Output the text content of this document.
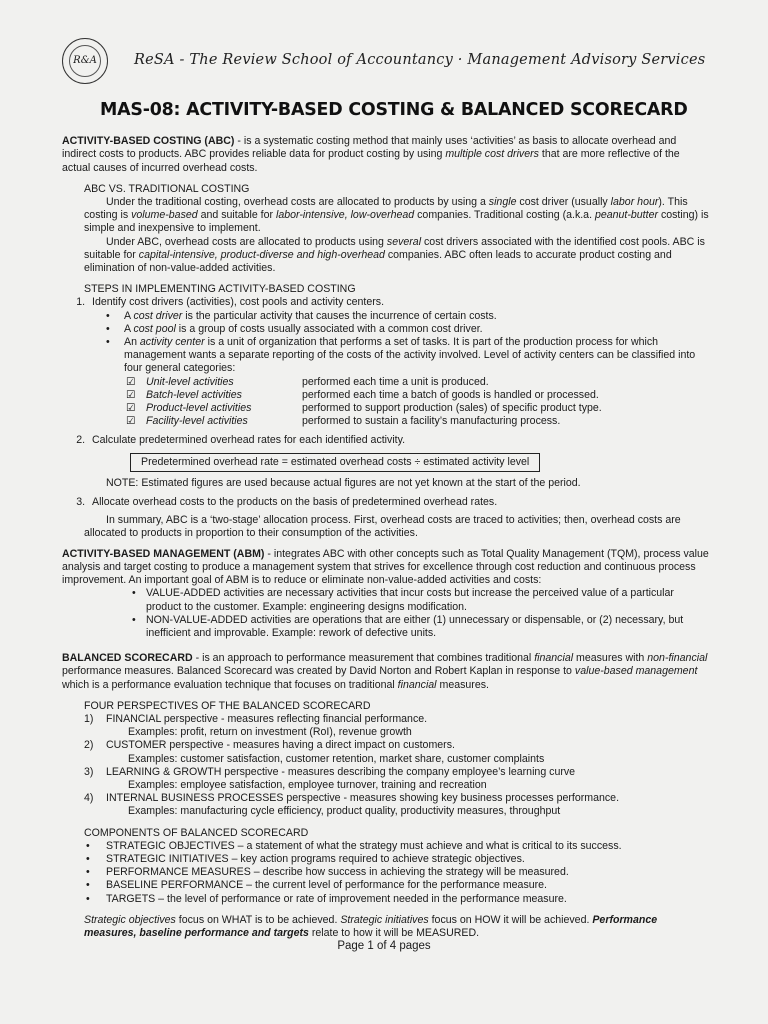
R&A	ReSA - The Review School of Accountancy · Management Advisory Services
MAS-08: ACTIVITY-BASED COSTING & BALANCED SCORECARD

ACTIVITY-BASED COSTING (ABC) - is a systematic costing method that mainly uses ‘activities’ as basis to allocate overhead and indirect costs to products. ABC provides reliable data for product costing by using multiple cost drivers that are more reflective of the actual causes of incurred overhead costs.

ABC VS. TRADITIONAL COSTING

Under the traditional costing, overhead costs are allocated to products by using a single cost driver (usually labor hour). This costing is volume-based and suitable for labor-intensive, low-overhead companies. Traditional costing (a.k.a. peanut-butter costing) is simple and inexpensive to implement.

Under ABC, overhead costs are allocated to products using several cost drivers associated with the identified cost pools. ABC is suitable for capital-intensive, product-diverse and high-overhead companies. ABC often leads to accurate product costing and elimination of non-value-added activities.

STEPS IN IMPLEMENTING ACTIVITY-BASED COSTING

1. Identify cost drivers (activities), cost pools and activity centers.
• A cost driver is the particular activity that causes the incurrence of certain costs.
• A cost pool is a group of costs usually associated with a common cost driver.
• An activity center is a unit of organization that performs a set of tasks. It is part of the production process for which management wants a separate reporting of the costs of the activity involved. Level of activity centers can be classified into four general categories:
☑ Unit-level activities	performed each time a unit is produced.
☑ Batch-level activities	performed each time a batch of goods is handled or processed.
☑ Product-level activities	performed to support production (sales) of specific product type.
☑ Facility-level activities	performed to sustain a facility’s manufacturing process.
2. Calculate predetermined overhead rates for each identified activity.
Predetermined overhead rate = estimated overhead costs ÷ estimated activity level

NOTE: Estimated figures are used because actual figures are not yet known at the start of the period.

3. Allocate overhead costs to the products on the basis of predetermined overhead rates.

In summary, ABC is a ‘two-stage’ allocation process. First, overhead costs are traced to activities; then, overhead costs are allocated to products in proportion to their consumption of the activities.

ACTIVITY-BASED MANAGEMENT (ABM) - integrates ABC with other concepts such as Total Quality Management (TQM), process value analysis and target costing to produce a management system that strives for excellence through cost reduction and continuous process improvement. An important goal of ABM is to reduce or eliminate non-value-added activities and costs:

• VALUE-ADDED activities are necessary activities that incur costs but increase the perceived value of a particular product to the customer. Example: engineering designs modification.
• NON-VALUE-ADDED activities are operations that are either (1) unnecessary or dispensable, or (2) necessary, but inefficient and improvable. Example: rework of defective units.

BALANCED SCORECARD - is an approach to performance measurement that combines traditional financial measures with non-financial performance measures. Balanced Scorecard was created by David Norton and Robert Kaplan in response to value-based management which is a performance evaluation technique that focuses on traditional financial measures.

FOUR PERSPECTIVES OF THE BALANCED SCORECARD

1)	FINANCIAL perspective - measures reflecting financial performance.
Examples: profit, return on investment (RoI), revenue growth
2)	CUSTOMER perspective - measures having a direct impact on customers.
Examples: customer satisfaction, customer retention, market share, customer complaints
3)	LEARNING & GROWTH perspective - measures describing the company employee’s learning curve
Examples: employee satisfaction, employee turnover, training and recreation
4)	INTERNAL BUSINESS PROCESSES perspective - measures showing key business processes performance.
Examples: manufacturing cycle efficiency, product quality, productivity measures, throughput

COMPONENTS OF BALANCED SCORECARD

• STRATEGIC OBJECTIVES – a statement of what the strategy must achieve and what is critical to its success.
• STRATEGIC INITIATIVES – key action programs required to achieve strategic objectives.
• PERFORMANCE MEASURES – describe how success in achieving the strategy will be measured.
• BASELINE PERFORMANCE – the current level of performance for the performance measure.
• TARGETS – the level of performance or rate of improvement needed in the performance measure.

Strategic objectives focus on WHAT is to be achieved. Strategic initiatives focus on HOW it will be achieved. Performance measures, baseline performance and targets relate to how it will be MEASURED.

Page 1 of 4 pages
